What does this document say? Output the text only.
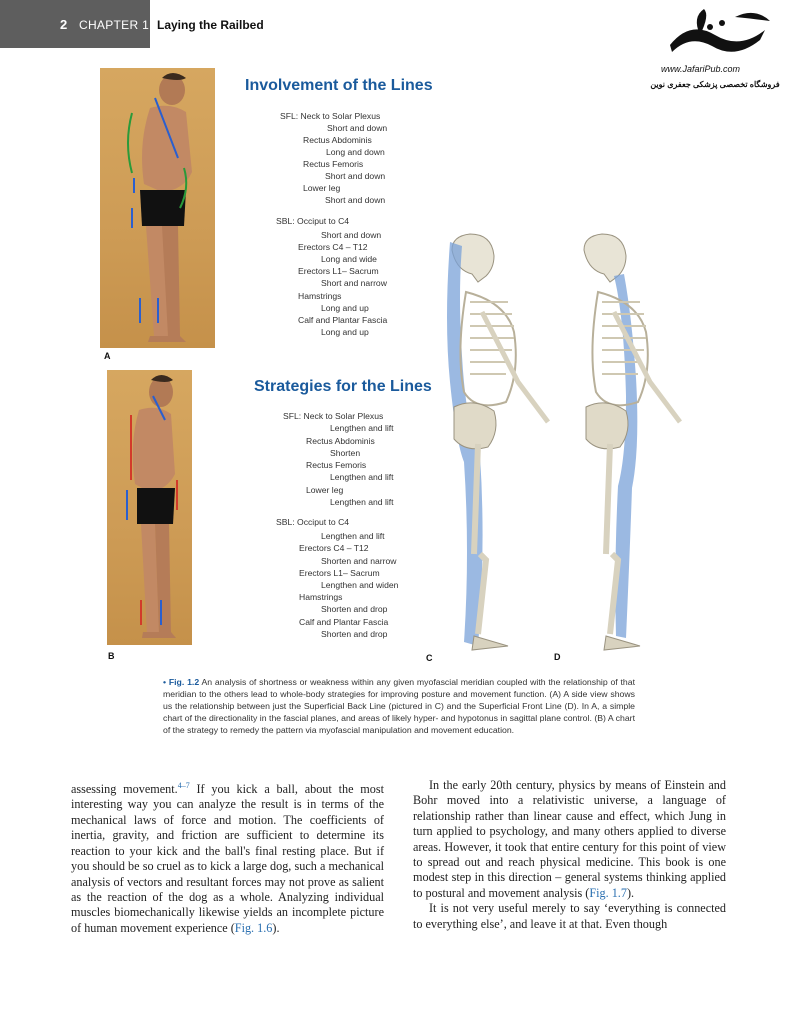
2 CHAPTER 1 Laying the Railbed
www.JafariPub.com
فروشگاه تخصصی پزشکی جعفری نوین
A
B
Involvement of the Lines
SFL: Neck to Solar Plexus
Short and down
Rectus Abdominis
Long and down
Rectus Femoris
Short and down
Lower leg
Short and down
SBL: Occiput to C4
Short and down
Erectors C4 – T12
Long and wide
Erectors L1– Sacrum
Short and narrow
Hamstrings
Long and up
Calf and Plantar Fascia
Long and up
Strategies for the Lines
SFL: Neck to Solar Plexus
Lengthen and lift
Rectus Abdominis
Shorten
Rectus Femoris
Lengthen and lift
Lower leg
Lengthen and lift
SBL: Occiput to C4
Lengthen and lift
Erectors C4 – T12
Shorten and narrow
Erectors L1– Sacrum
Lengthen and widen
Hamstrings
Shorten and drop
Calf and Plantar Fascia
Shorten and drop
C	D
• Fig. 1.2 An analysis of shortness or weakness within any given myofascial meridian coupled with the relationship of that meridian to the others lead to whole-body strategies for improving posture and movement function. (A) A side view shows us the relationship between just the Superficial Back Line (pictured in C) and the Superficial Front Line (D). In A, a simple chart of the directionality in the fascial planes, and areas of likely hyper- and hypotonus in sagittal plane control. (B) A chart of the strategy to remedy the pattern via myofascial manipulation and movement education.

assessing movement.$^{4-7}$ If you kick a ball, about the most interesting way you can analyze the result is in terms of the mechanical laws of force and motion. The coefficients of inertia, gravity, and friction are sufficient to determine its reaction to your kick and the ball's final resting place. But if you should be so cruel as to kick a large dog, such a mechanical analysis of vectors and resultant forces may not prove as salient as the reaction of the dog as a whole. Analyzing individual muscles biomechanically likewise yields an incomplete picture of human movement experience (Fig. 1.6).

In the early 20th century, physics by means of Einstein and Bohr moved into a relativistic universe, a language of relationship rather than linear cause and effect, which Jung in turn applied to psychology, and many others applied to diverse areas. However, it took that entire century for this point of view to spread out and reach physical medicine. This book is one modest step in this direction – general systems thinking applied to postural and movement analysis (Fig. 1.7).

It is not very useful merely to say ‘everything is connected to everything else’, and leave it at that. Even though
